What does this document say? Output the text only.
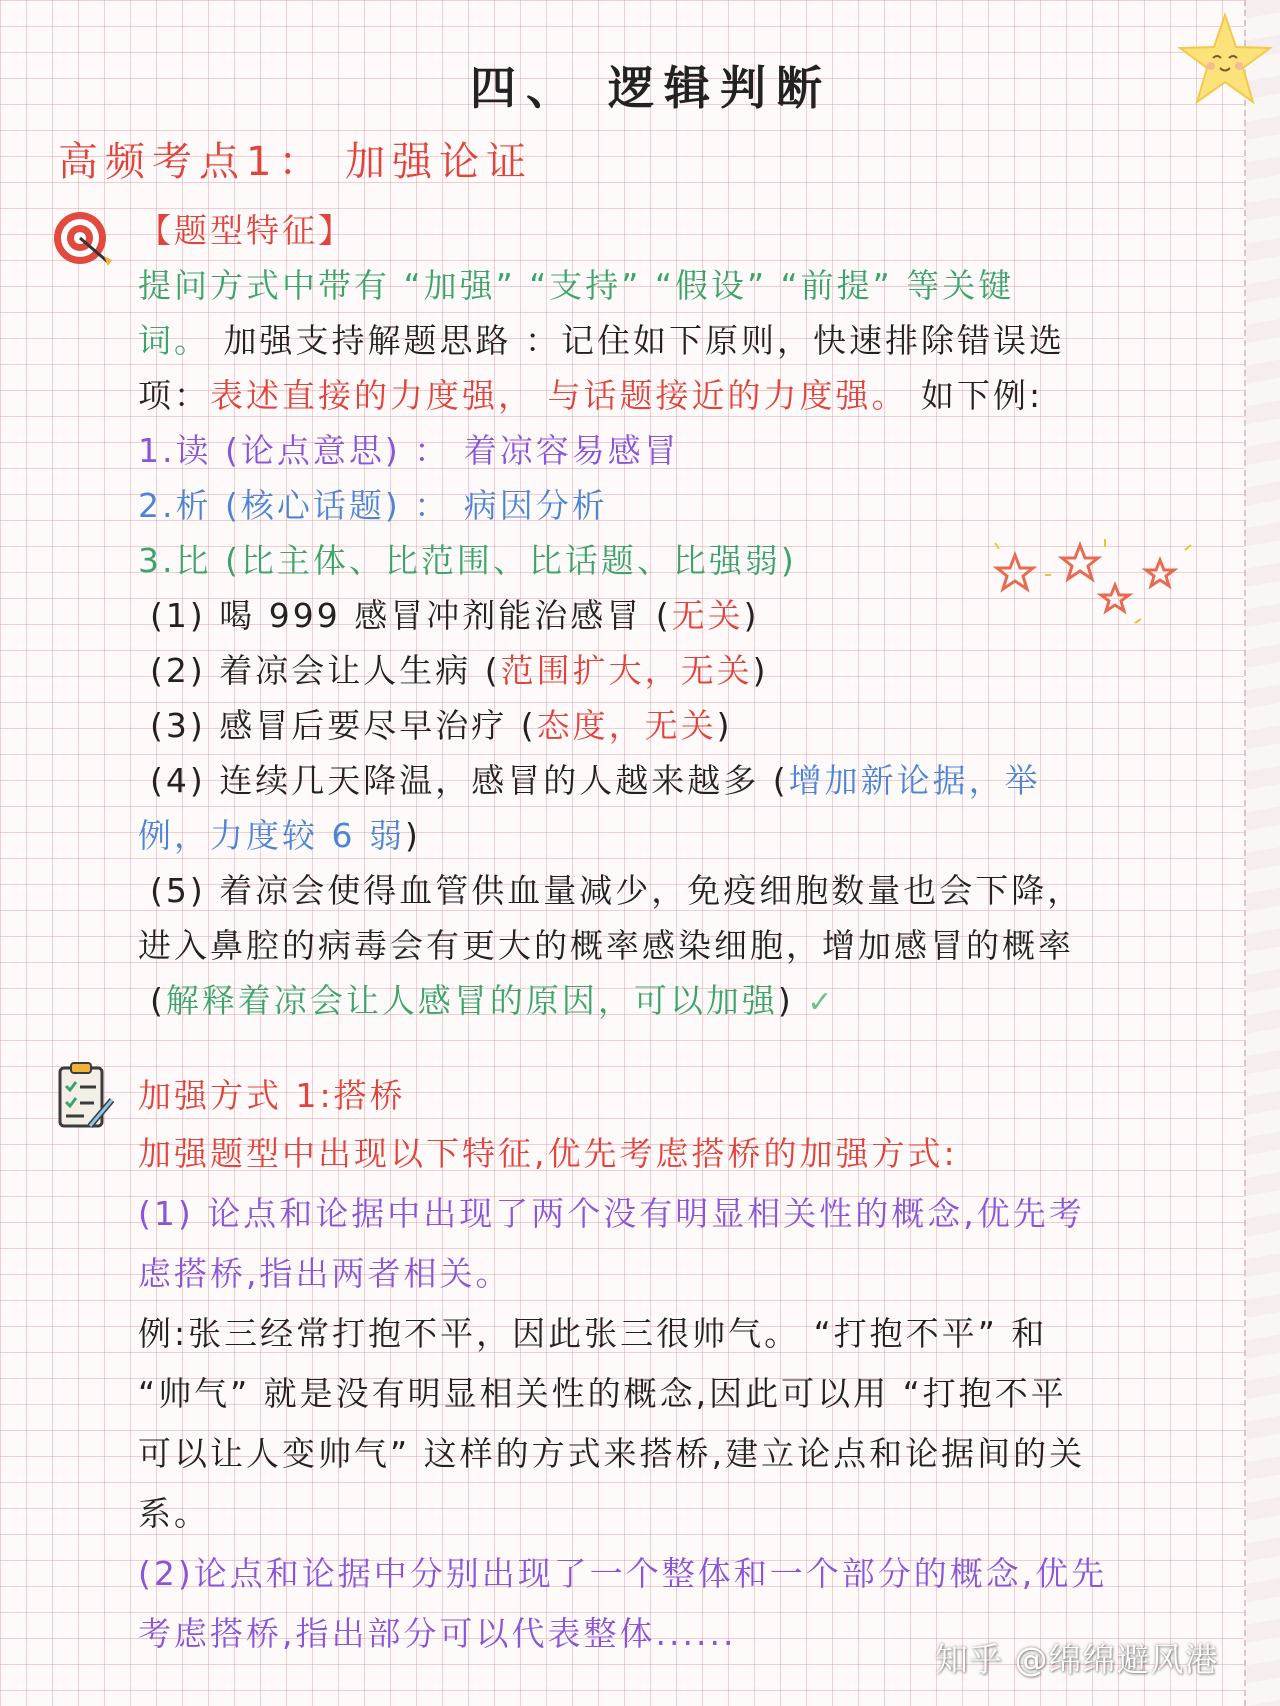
四、 逻辑判断
高频考点1： 加强论证
【题型特征】
提问方式中带有 “加强” “支持” “假设” “前提” 等关键
词。 加强支持解题思路 ：记住如下原则，快速排除错误选
项：表述直接的力度强， 与话题接近的力度强。 如下例:
1.读 (论点意思) ： 着凉容易感冒
2.析 (核心话题) ： 病因分析
3.比 (比主体、比范围、比话题、比强弱)
(1) 喝 999 感冒冲剂能治感冒 (无关)
(2) 着凉会让人生病 (范围扩大，无关)
(3) 感冒后要尽早治疗 (态度，无关)
(4) 连续几天降温，感冒的人越来越多 (增加新论据，举
例，力度较 6 弱)
(5) 着凉会使得血管供血量减少，免疫细胞数量也会下降，
进入鼻腔的病毒会有更大的概率感染细胞，增加感冒的概率
(解释着凉会让人感冒的原因，可以加强) ✓
加强方式 1:搭桥
加强题型中出现以下特征,优先考虑搭桥的加强方式:
(1) 论点和论据中出现了两个没有明显相关性的概念,优先考
虑搭桥,指出两者相关。
例:张三经常打抱不平，因此张三很帅气。 “打抱不平” 和
“帅气” 就是没有明显相关性的概念,因此可以用 “打抱不平
可以让人变帅气” 这样的方式来搭桥,建立论点和论据间的关
系。
(2)论点和论据中分别出现了一个整体和一个部分的概念,优先
考虑搭桥,指出部分可以代表整体......
知乎 @绵绵避风港
